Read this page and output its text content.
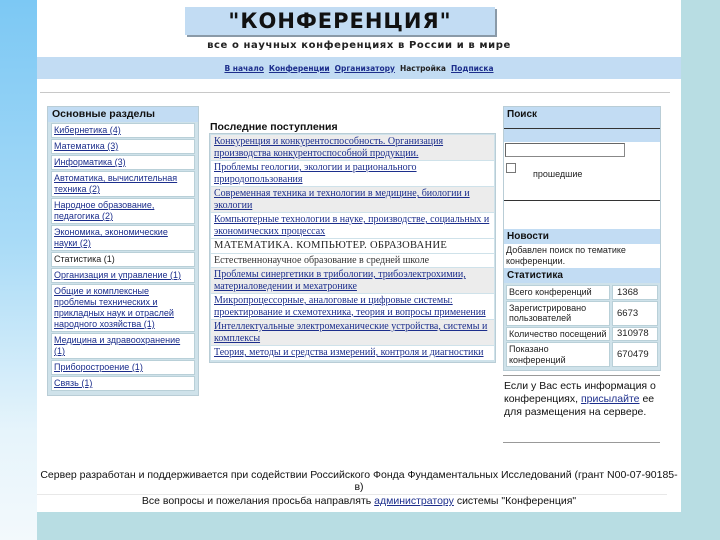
"КОНФЕРЕНЦИЯ"
все о научных конференциях в России и в мире
В начало Конференции Организатору Настройка Подписка
Основные разделы
Кибернетика (4)
Математика (3)
Информатика (3)
Автоматика, вычислительная техника (2)
Народное образование, педагогика (2)
Экономика, экономические науки (2)
Статистика (1)
Организация и управление (1)
Общие и комплексные проблемы технических и прикладных наук и отраслей народного хозяйства (1)
Медицина и здравоохранение (1)
Приборостроение (1)
Связь (1)
Последние поступления
Конкуренция и конкурентоспособность. Организация производства конкурентоспособной продукции.
Проблемы геологии, экологии и рационального природопользования
Современная техника и технологии в медицине, биологии и экологии
Компьютерные технологии в науке, производстве, социальных и экономических процессах
МАТЕМАТИКА. КОМПЬЮТЕР. ОБРАЗОВАНИЕ
Естественнонаучное образование в средней школе
Проблемы синергетики в трибологии, трибоэлектрохимии, материаловедении и мехатронике
Микропроцессорные, аналоговые и цифровые системы: проектирование и схемотехника, теория и вопросы применения
Интеллектуальные электромеханические устройства, системы и комплексы
Теория, методы и средства измерений, контроля и диагностики
Поиск
прошедшие
Новости
Добавлен поиск по тематике конференции.
Статистика
Всего конференций	1368
Зарегистрировано пользователей	6673
Количество посещений	310978
Показано конференций	670479
Если у Вас есть информация о конференциях, присылайте ее для размещения на сервере.
Сервер разработан и поддерживается при содействии Российского Фонда Фундаментальных Исследований (грант N00-07-90185-в)
Все вопросы и пожелания просьба направлять администратору системы "Конференция"
